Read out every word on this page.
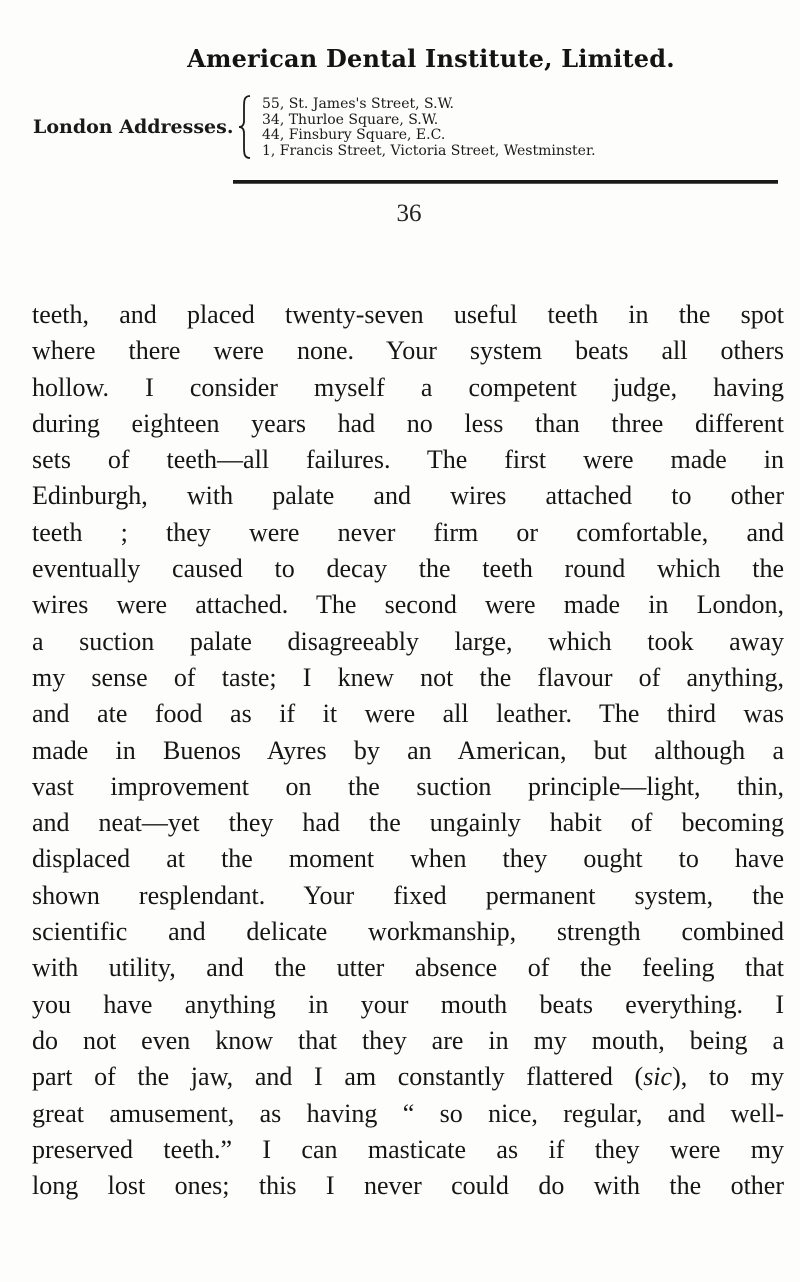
American Dental Institute, Limited.
London Addresses.
55, St. James's Street, S.W.
34, Thurloe Square, S.W.
44, Finsbury Square, E.C.
1, Francis Street, Victoria Street, Westminster.
36
teeth, and placed twenty-seven useful teeth in the spot
where there were none. Your system beats all others
hollow. I consider myself a competent judge, having
during eighteen years had no less than three different
sets of teeth—all failures. The first were made in
Edinburgh, with palate and wires attached to other
teeth ; they were never firm or comfortable, and
eventually caused to decay the teeth round which the
wires were attached. The second were made in London,
a suction palate disagreeably large, which took away
my sense of taste; I knew not the flavour of anything,
and ate food as if it were all leather. The third was
made in Buenos Ayres by an American, but although a
vast improvement on the suction principle—light, thin,
and neat—yet they had the ungainly habit of becoming
displaced at the moment when they ought to have
shown resplendant. Your fixed permanent system, the
scientific and delicate workmanship, strength combined
with utility, and the utter absence of the feeling that
you have anything in your mouth beats everything. I
do not even know that they are in my mouth, being a
part of the jaw, and I am constantly flattered (sic), to my
great amusement, as having “ so nice, regular, and well-
preserved teeth.” I can masticate as if they were my
long lost ones; this I never could do with the other
